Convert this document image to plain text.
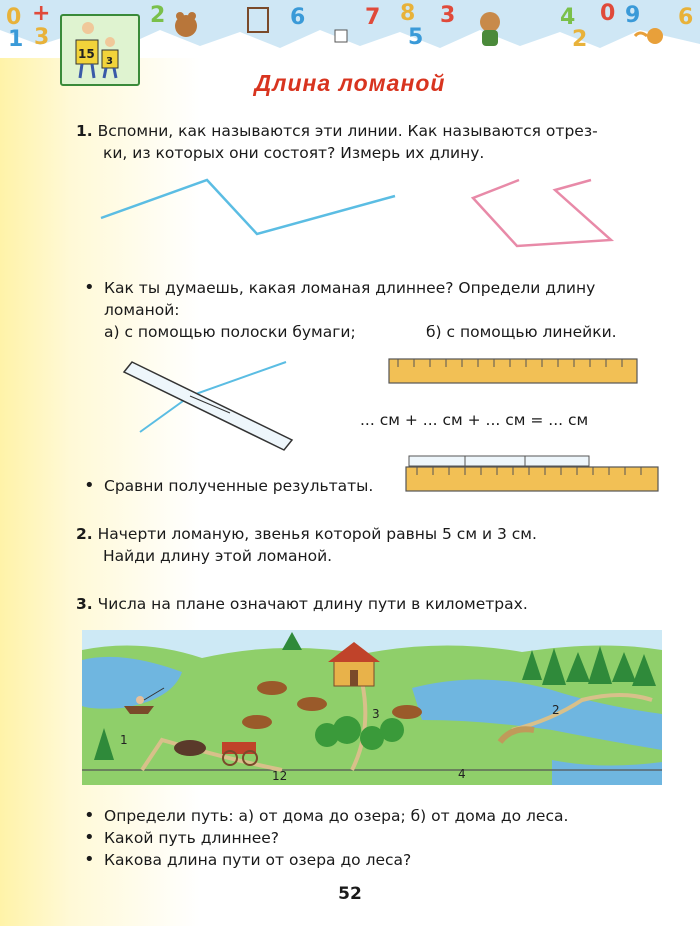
0 +
1 3
2	6	7 8 3
5
4 0
2
9 6
15
3
Длина ломаной
1. Вспомни, как называются эти линии. Как называются отрез-
ки, из которых они состоят? Измерь их длину.
• Как ты думаешь, какая ломаная длиннее? Определи длину
ломаной:
а) с помощью полоски бумаги;	б) с помощью линейки.
... см + ... см + ... см = ... см
• Сравни полученные результаты.
2. Начерти ломаную, звенья которой равны 5 см и 3 см.
Найди длину этой ломаной.
3. Числа на плане означают длину пути в километрах.
1
2
3
4
12
• Определи путь: а) от дома до озера; б) от дома до леса.
• Какой путь длиннее?
• Какова длина пути от озера до леса?
52
